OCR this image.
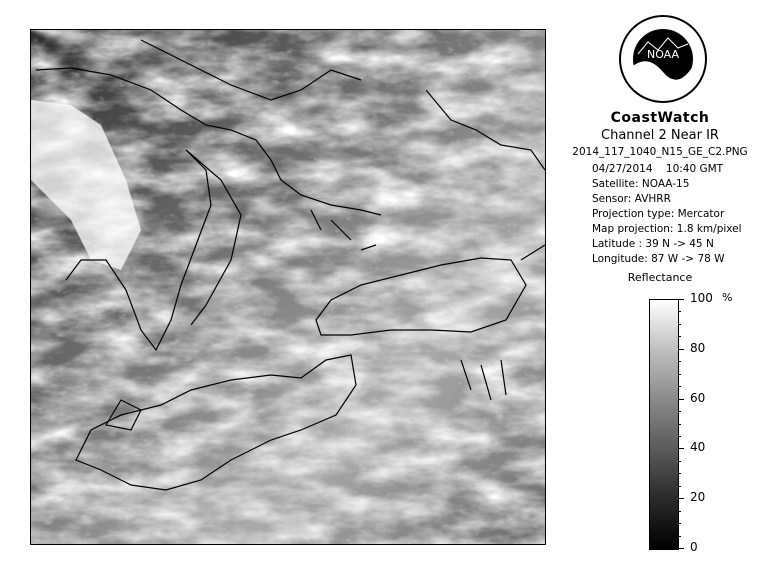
NOAA
CoastWatch
Channel 2 Near IR
2014_117_1040_N15_GE_C2.PNG
04/27/2014 10:40 GMT
Satellite: NOAA-15
Sensor: AVHRR
Projection type: Mercator
Map projection: 1.8 km/pixel
Latitude : 39 N -> 45 N
Longitude: 87 W -> 78 W
Reflectance
%
100
80
60
40
20
0
